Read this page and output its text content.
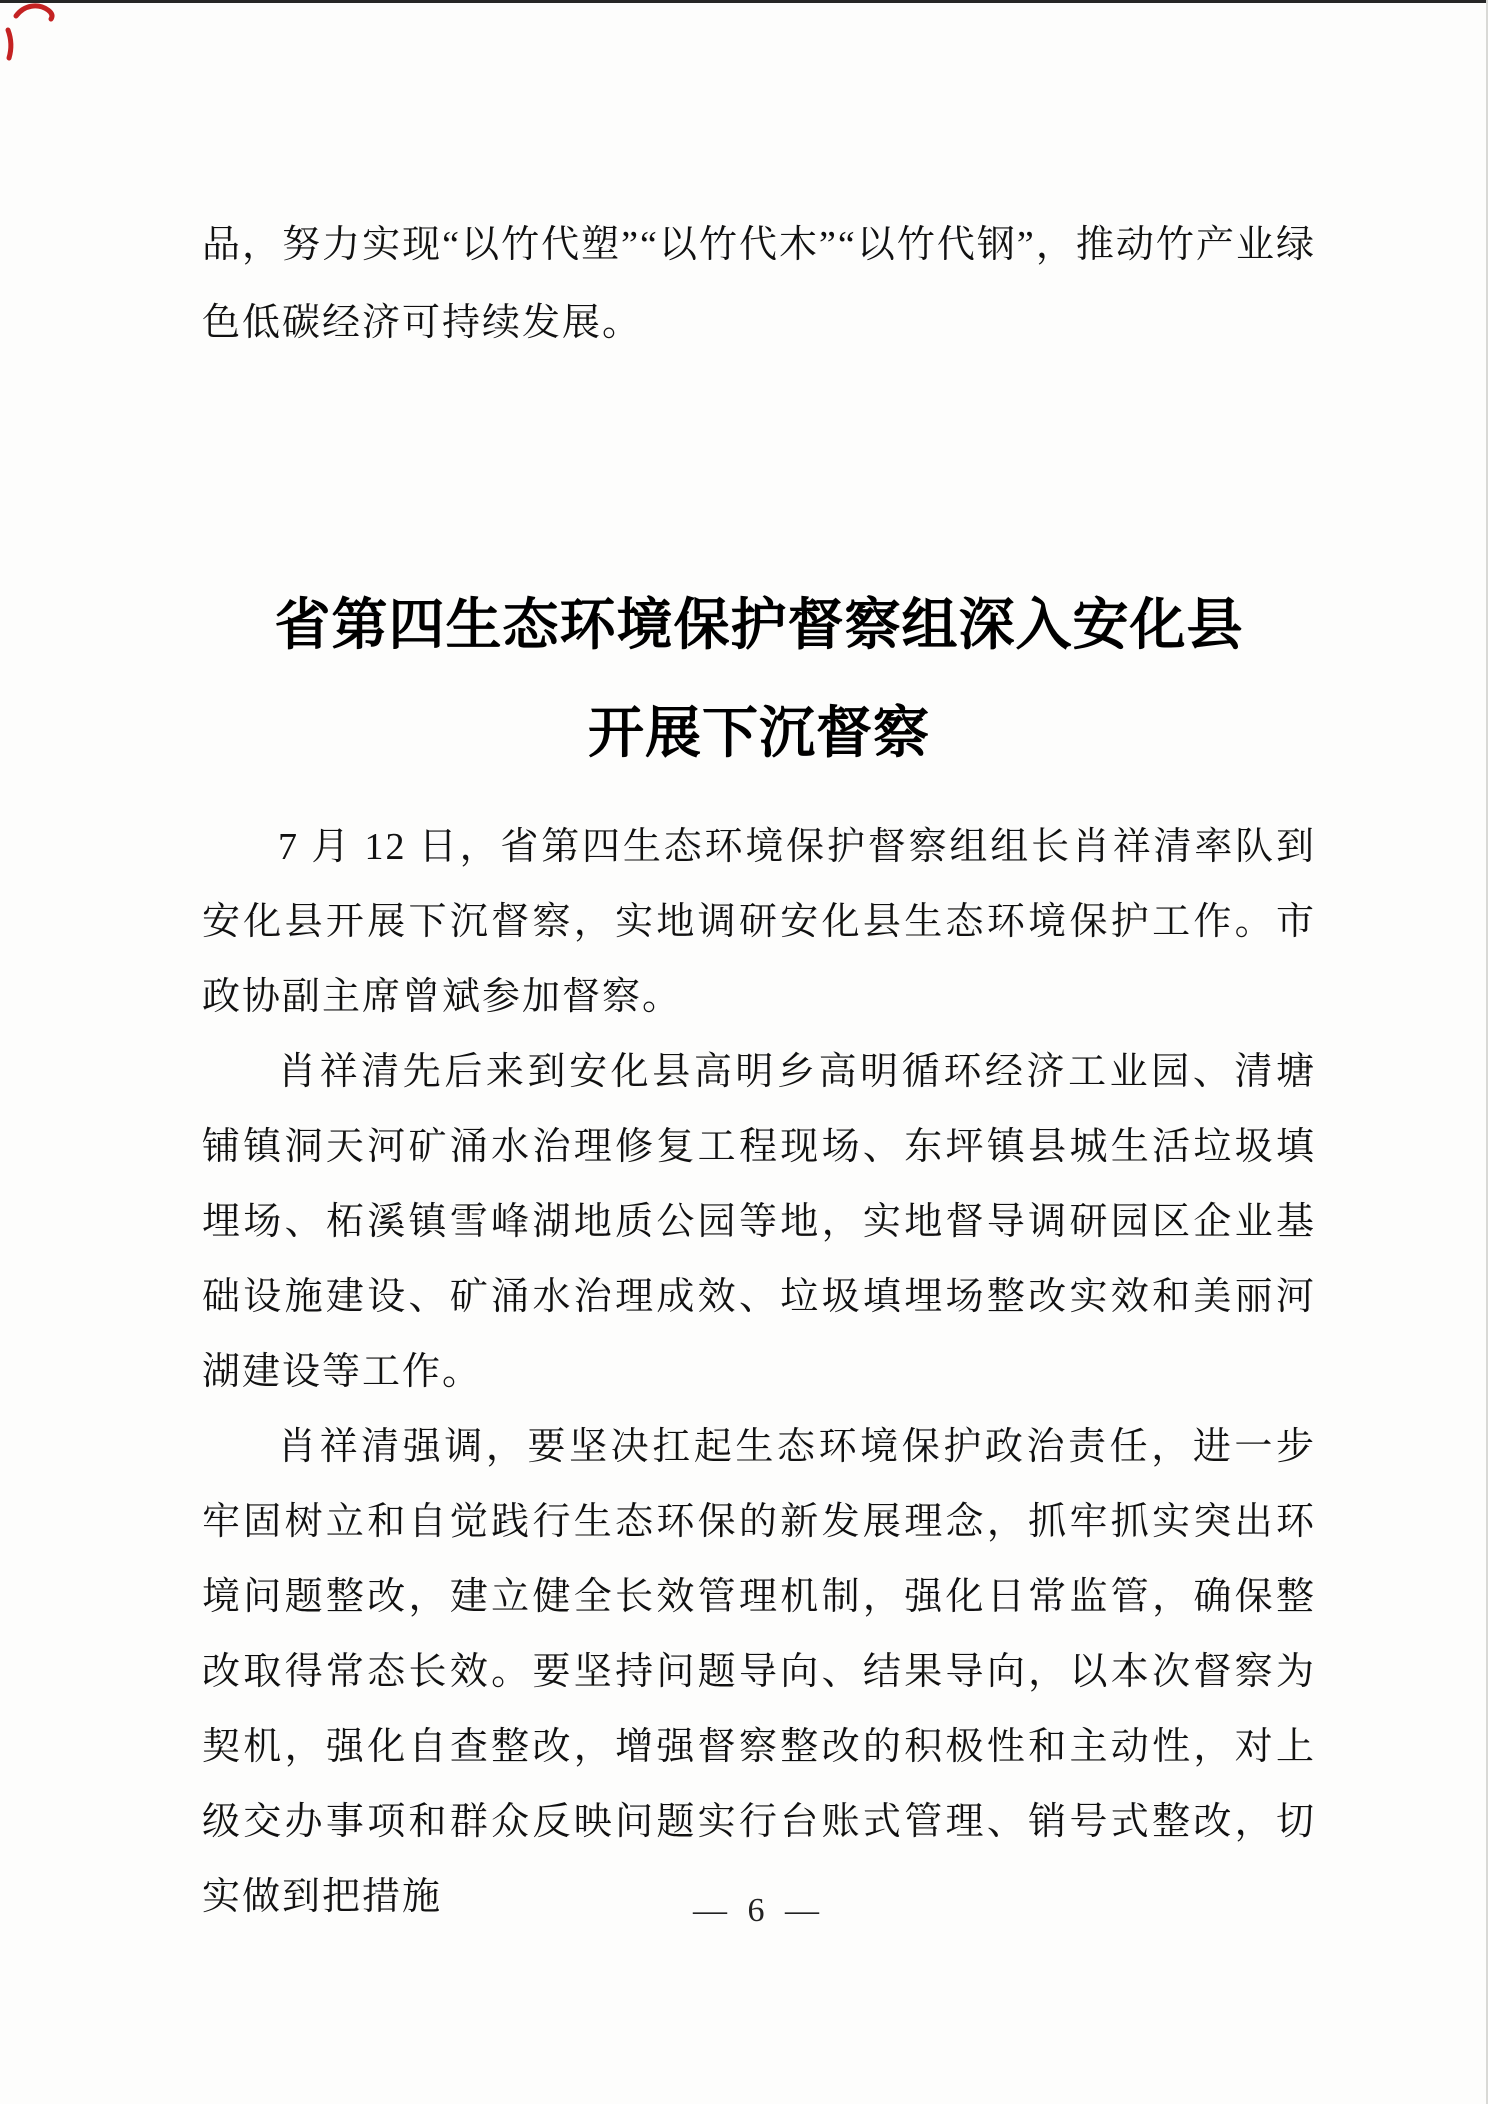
品，努力实现“以竹代塑”“以竹代木”“以竹代钢”，推动竹产业绿色低碳经济可持续发展。

省第四生态环境保护督察组深入安化县
开展下沉督察

7 月 12 日，省第四生态环境保护督察组组长肖祥清率队到安化县开展下沉督察，实地调研安化县生态环境保护工作。市政协副主席曾斌参加督察。

肖祥清先后来到安化县高明乡高明循环经济工业园、清塘铺镇洞天河矿涌水治理修复工程现场、东坪镇县城生活垃圾填埋场、柘溪镇雪峰湖地质公园等地，实地督导调研园区企业基础设施建设、矿涌水治理成效、垃圾填埋场整改实效和美丽河湖建设等工作。

肖祥清强调，要坚决扛起生态环境保护政治责任，进一步牢固树立和自觉践行生态环保的新发展理念，抓牢抓实突出环境问题整改，建立健全长效管理机制，强化日常监管，确保整改取得常态长效。要坚持问题导向、结果导向，以本次督察为契机，强化自查整改，增强督察整改的积极性和主动性，对上级交办事项和群众反映问题实行台账式管理、销号式整改，切实做到把措施	— 6 —
